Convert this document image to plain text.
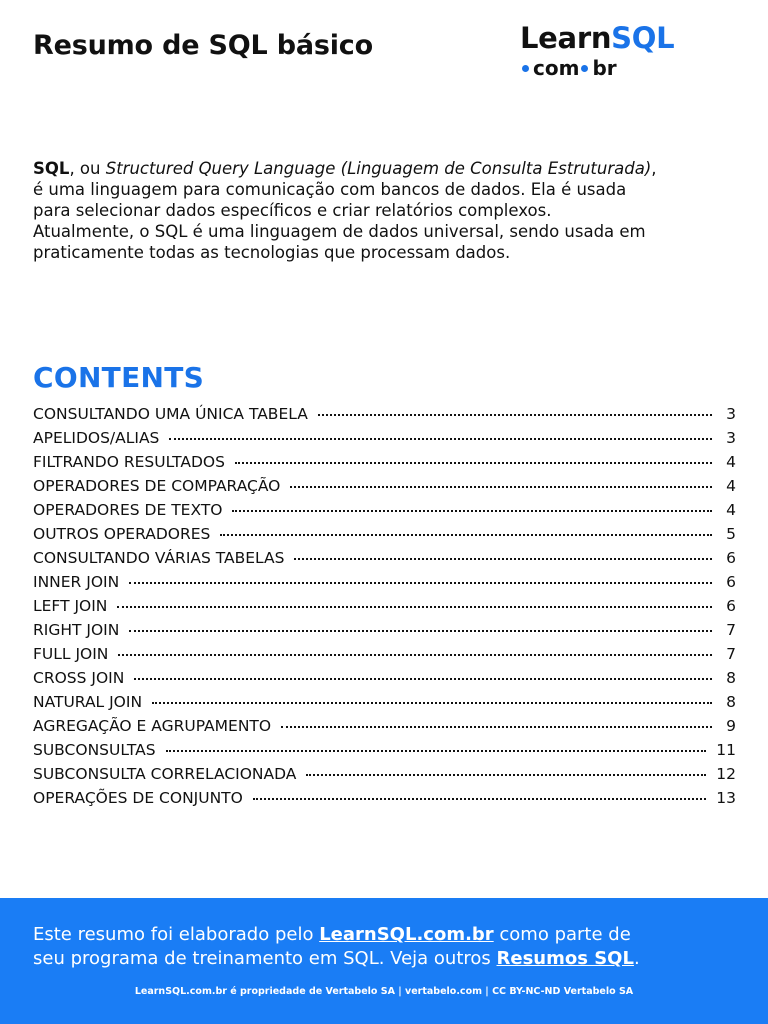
Resumo de SQL básico	LearnSQL
com br
SQL, ou Structured Query Language (Linguagem de Consulta Estruturada),
é uma linguagem para comunicação com bancos de dados. Ela é usada
para selecionar dados específicos e criar relatórios complexos.
Atualmente, o SQL é uma linguagem de dados universal, sendo usada em
praticamente todas as tecnologias que processam dados.
CONTENTS
CONSULTANDO UMA ÚNICA TABELA	3
APELIDOS/ALIAS	3
FILTRANDO RESULTADOS	4
OPERADORES DE COMPARAÇÃO	4
OPERADORES DE TEXTO	4
OUTROS OPERADORES	5
CONSULTANDO VÁRIAS TABELAS	6
INNER JOIN	6
LEFT JOIN	6
RIGHT JOIN	7
FULL JOIN	7
CROSS JOIN	8
NATURAL JOIN	8
AGREGAÇÃO E AGRUPAMENTO	9
SUBCONSULTAS	11
SUBCONSULTA CORRELACIONADA	12
OPERAÇÕES DE CONJUNTO	13
Este resumo foi elaborado pelo LearnSQL.com.br como parte de
seu programa de treinamento em SQL. Veja outros Resumos SQL.
LearnSQL.com.br é propriedade de Vertabelo SA | vertabelo.com | CC BY-NC-ND Vertabelo SA
